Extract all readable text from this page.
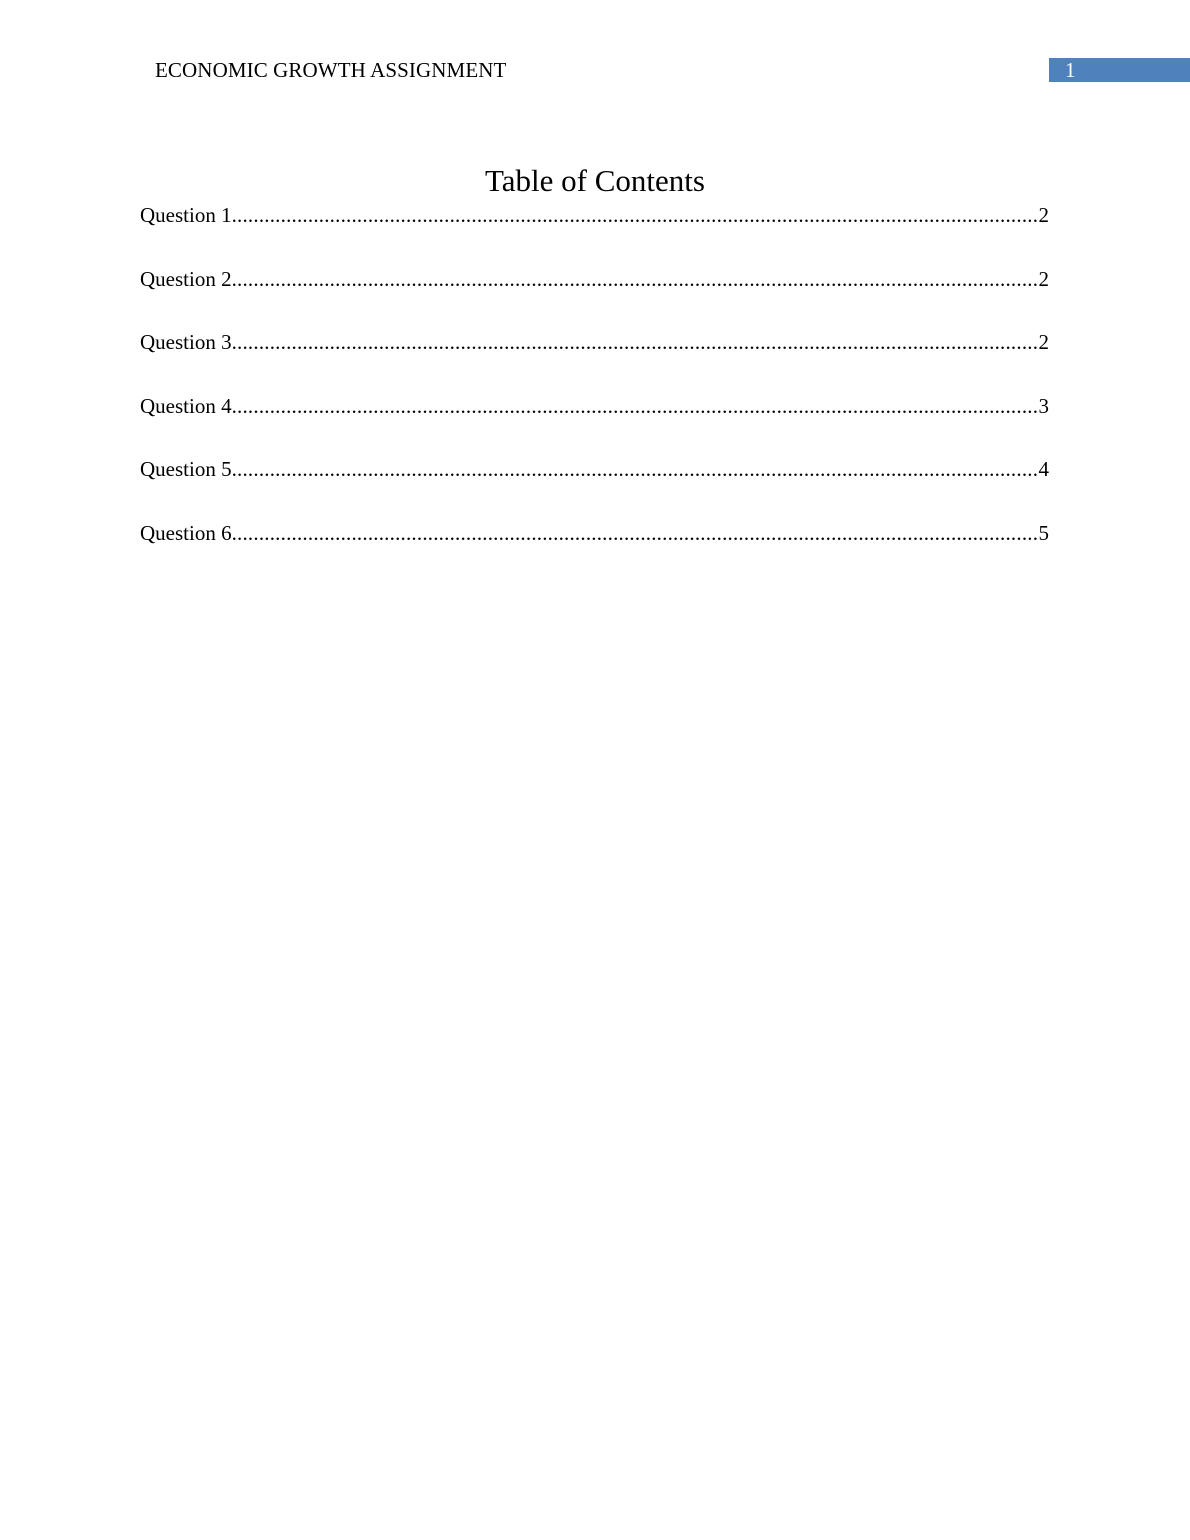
ECONOMIC GROWTH ASSIGNMENT	1
Table of Contents
Question 1 .....	2
Question 2 .....	2
Question 3 .....	2
Question 4 .....	3
Question 5 .....	4
Question 6 .....	5
